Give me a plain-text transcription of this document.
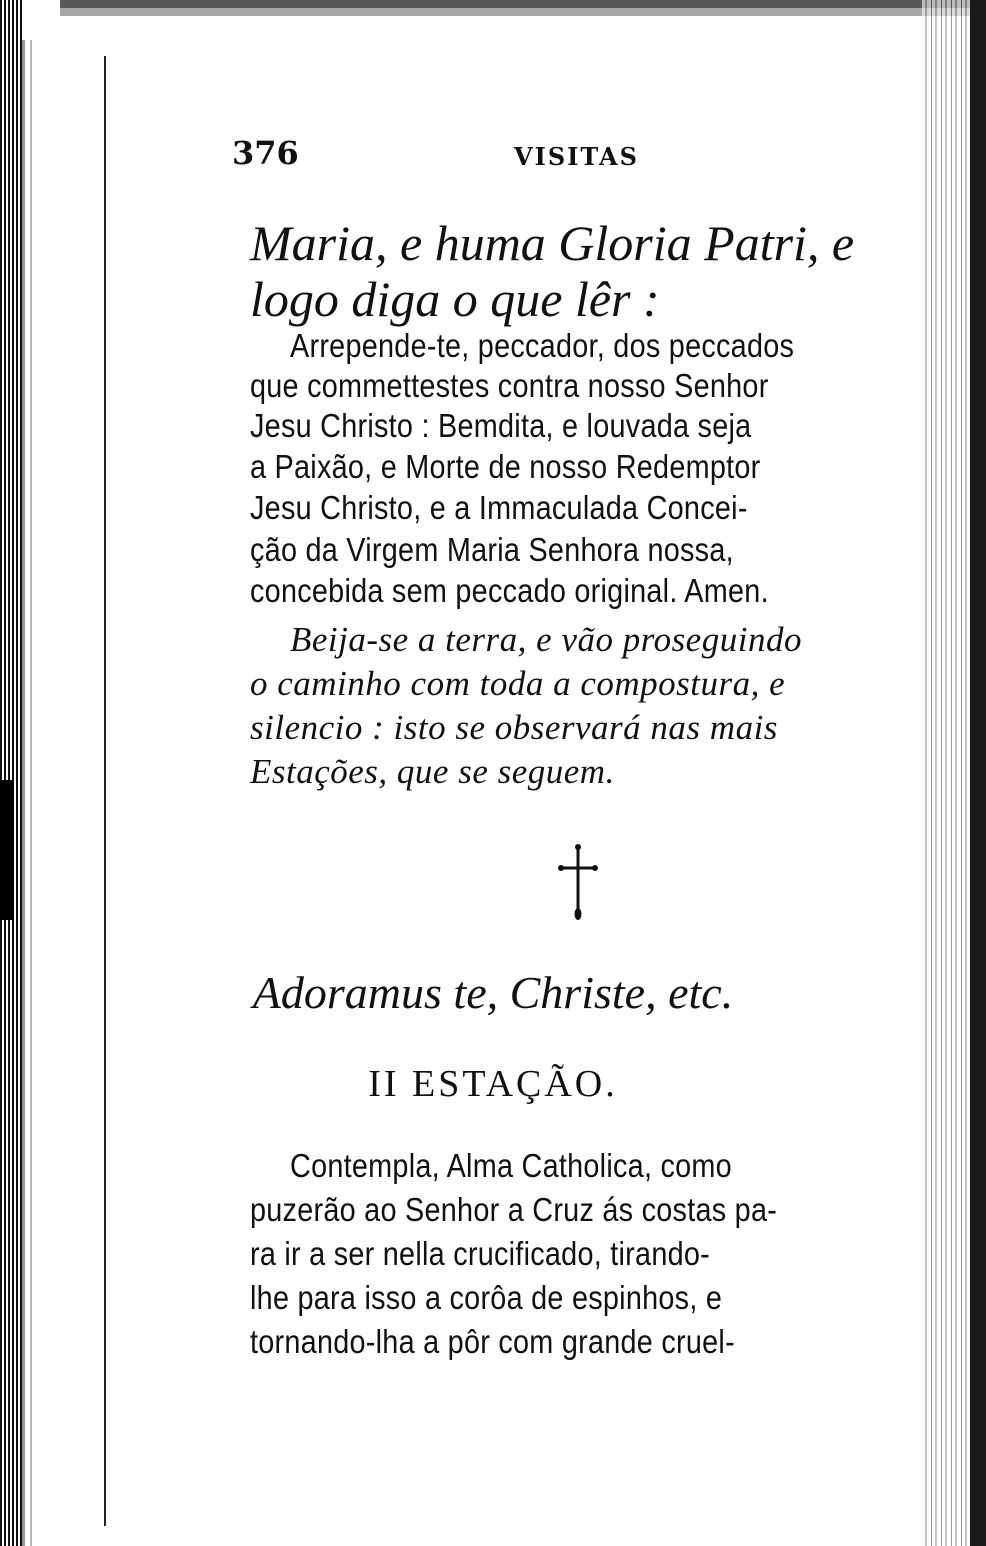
376	VISITAS
Maria, e huma Gloria Patri, e
logo diga o que lêr :
Arrepende-te, peccador, dos peccados
que commettestes contra nosso Senhor
Jesu Christo : Bemdita, e louvada seja
a Paixão, e Morte de nosso Redemptor
Jesu Christo, e a Immaculada Concei-
ção da Virgem Maria Senhora nossa,
concebida sem peccado original. Amen.
Beija-se a terra, e vão prosеguindo
o caminho com toda a compostura, e
silencio : isto se observará nas mais
Estações, que se seguem.
Adoramus te, Christe, etc.
II ESTAÇÃO.
Contempla, Alma Catholica, como
puzerão ao Senhor a Cruz ás costas pa-
ra ir a ser nella crucificado, tirando-
lhe para isso a corôa de espinhos, e
tornando-lha a pôr com grande cruel-
